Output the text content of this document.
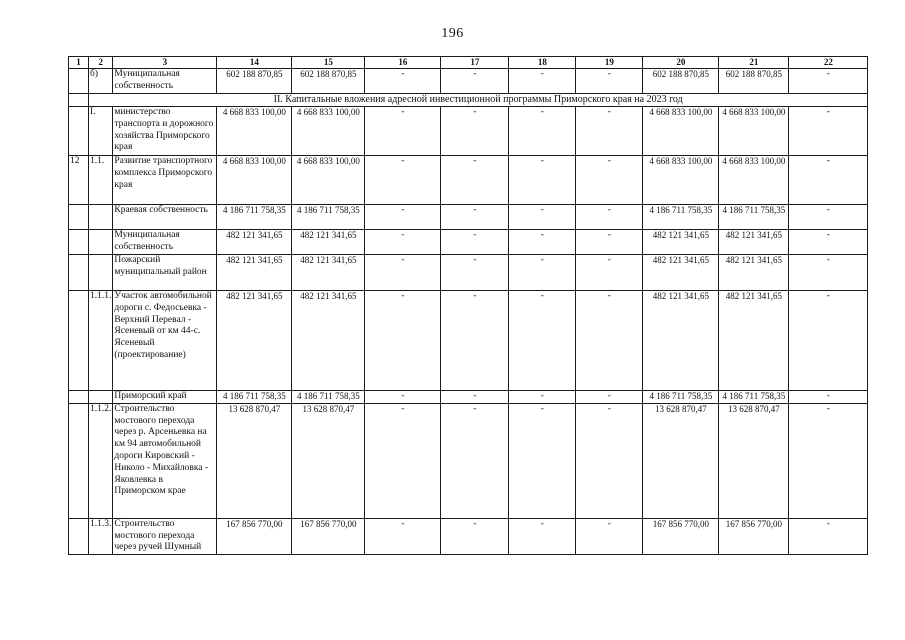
196
1	2	3	14	15	16	17	18	19	20	21	22
	б)	Муниципальная собственность	602 188 870,85	602 188 870,85	-	-	-	-	602 188 870,85	602 188 870,85	-
	II. Капитальные вложения адресной инвестиционной программы Приморского края на 2023 год										
	I.	министерство транспорта и дорожного хозяйства Приморского края	4 668 833 100,00	4 668 833 100,00	-	-	-	-	4 668 833 100,00	4 668 833 100,00	-
12	1.1.	Развитие транспортного комплекса Приморского края	4 668 833 100,00	4 668 833 100,00	-	-	-	-	4 668 833 100,00	4 668 833 100,00	-
		Краевая собственность	4 186 711 758,35	4 186 711 758,35	-	-	-	-	4 186 711 758,35	4 186 711 758,35	-
		Муниципальная собственность	482 121 341,65	482 121 341,65	-	-	-	-	482 121 341,65	482 121 341,65	-
		Пожарский муниципальный район	482 121 341,65	482 121 341,65	-	-	-	-	482 121 341,65	482 121 341,65	-
	1.1.1.	Участок автомобильной дороги с. Федосьевка - Верхний Перевал - Ясеневый от км 44-с. Ясеневый (проектирование)	482 121 341,65	482 121 341,65	-	-	-	-	482 121 341,65	482 121 341,65	-
		Приморский край	4 186 711 758,35	4 186 711 758,35	-	-	-	-	4 186 711 758,35	4 186 711 758,35	-
	1.1.2.	Строительство мостового перехода через р. Арсеньевка на км 94 автомобильной дороги Кировский - Николо - Михайловка - Яковлевка в Приморском крае	13 628 870,47	13 628 870,47	-	-	-	-	13 628 870,47	13 628 870,47	-
	1.1.3.	Строительство мостового перехода через ручей Шумный	167 856 770,00	167 856 770,00	-	-	-	-	167 856 770,00	167 856 770,00	-
